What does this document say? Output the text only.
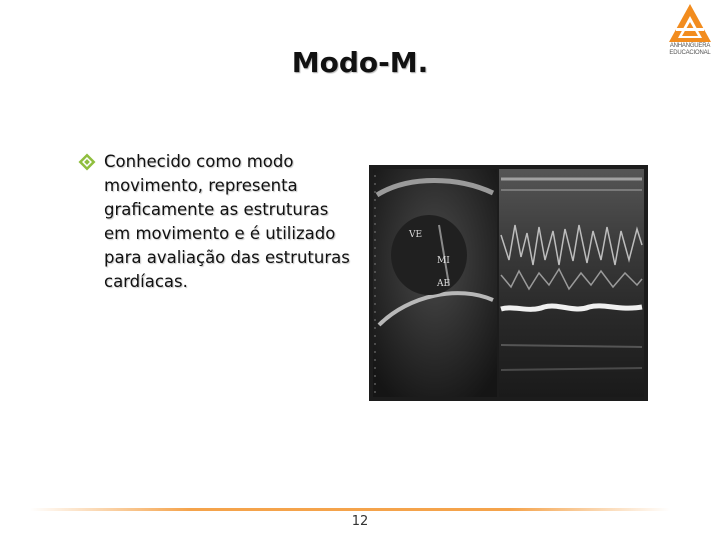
ANHANGUERA
EDUCACIONAL
Modo-M.
Conhecido como modo movimento, representa graficamente as estruturas em movimento e é utilizado para avaliação das estruturas cardíacas.
VE
MI
AE
12
